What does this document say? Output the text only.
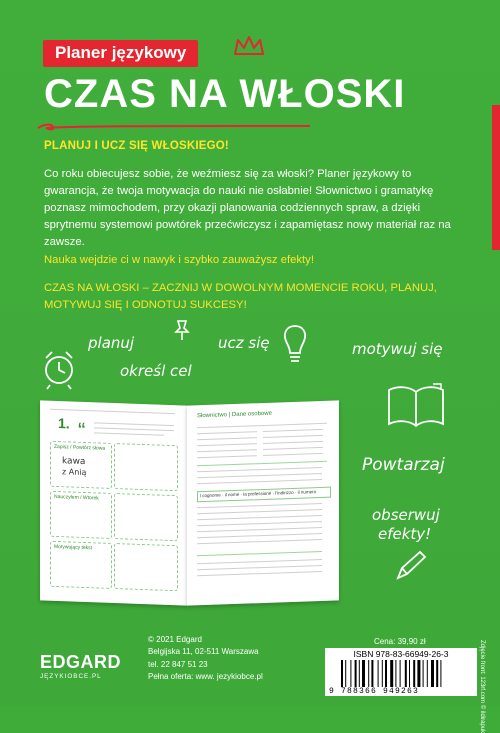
Planer językowy
CZAS NA WŁOSKI
PLANUJ I UCZ SIĘ WŁOSKIEGO!
Co roku obiecujesz sobie, że weźmiesz się za włoski? Planer językowy to gwarancja, że twoja motywacja do nauki nie osłabnie! Słownictwo i gramatykę poznasz mimochodem, przy okazji planowania codziennych spraw, a dzięki sprytnemu systemowi powtórek przećwiczysz i zapamiętasz nowy materiał raz na zawsze.
Nauka wejdzie ci w nawyk i szybko zauważysz efekty!
CZAS NA WŁOSKI – ZACZNIJ W DOWOLNYM MOMENCIE ROKU, PLANUJ, MOTYWUJ SIĘ I ODNOTUJ SUKCESY!
planuj
określ cel
ucz się	motywuj się
Powtarzaj
obserwuj
efekty!
1. “
Zapisz / Powtórz słowa
kawa
z Anią
Nauczyłem / Wtorek
Motywujący tekst
Słownictwo | Dane osobowe
l cognome · il nome · la professione · l'indirizzo · il numero
Cena: 39,90 zł	Zdjęcie front: 123rf.com © ildirapuk
© 2021 Edgard
Belgijska 11, 02-511 Warszawa
tel. 22 847 51 23
Pełna oferta: www. jezykiobce.pl
EDGARD
JĘZYKIOBCE.PL
ISBN 978-83-66949-26-3
9 788366 949263
